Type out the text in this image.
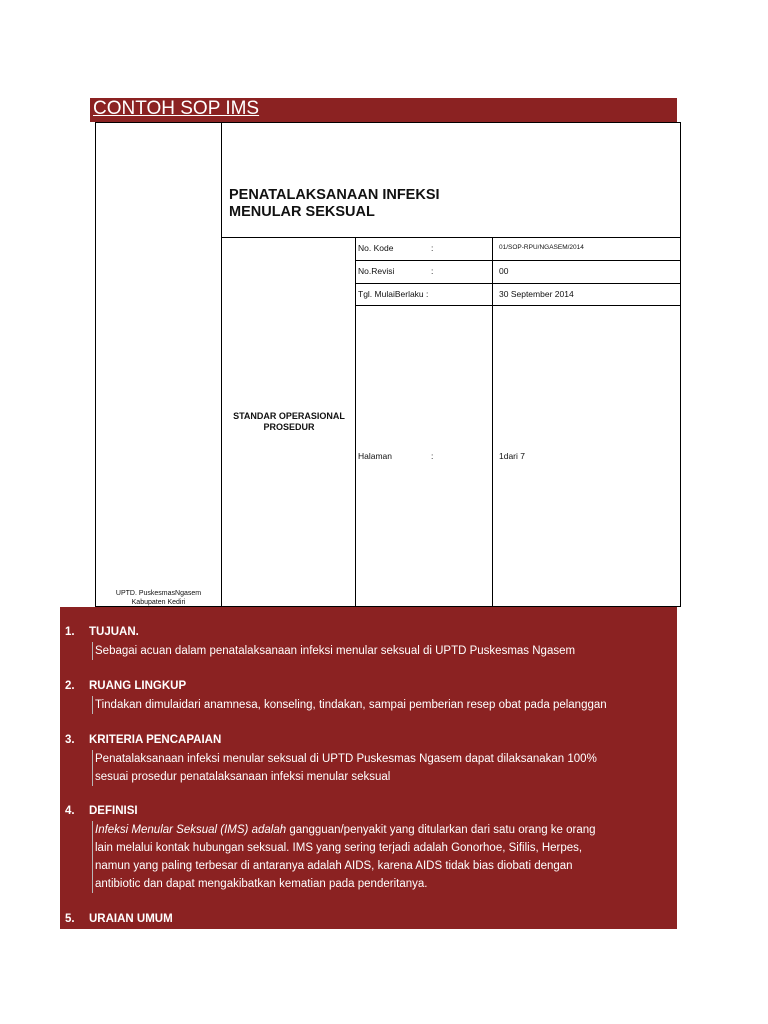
CONTOH SOP IMS
PENATALAKSANAAN INFEKSI
MENULAR SEKSUAL
No. Kode	:	01/SOP-RPU/NGASEM/2014
No.Revisi	:	00
Tgl. MulaiBerlaku :	30 September 2014
Halaman	:	1dari 7
STANDAR OPERASIONAL
PROSEDUR
UPTD. PuskesmasNgasem
Kabupaten Kediri
1. TUJUAN.
Sebagai acuan dalam penatalaksanaan infeksi menular seksual di UPTD Puskesmas Ngasem
2. RUANG LINGKUP
Tindakan dimulaidari anamnesa, konseling, tindakan, sampai pemberian resep obat pada pelanggan
3. KRITERIA PENCAPAIAN
Penatalaksanaan infeksi menular seksual di UPTD Puskesmas Ngasem dapat dilaksanakan 100%
sesuai prosedur penatalaksanaan infeksi menular seksual
4. DEFINISI
Infeksi Menular Seksual (IMS) adalah gangguan/penyakit yang ditularkan dari satu orang ke orang
lain melalui kontak hubungan seksual. IMS yang sering terjadi adalah Gonorhoe, Sifilis, Herpes,
namun yang paling terbesar di antaranya adalah AIDS, karena AIDS tidak bias diobati dengan
antibiotic dan dapat mengakibatkan kematian pada penderitanya.
5. URAIAN UMUM
